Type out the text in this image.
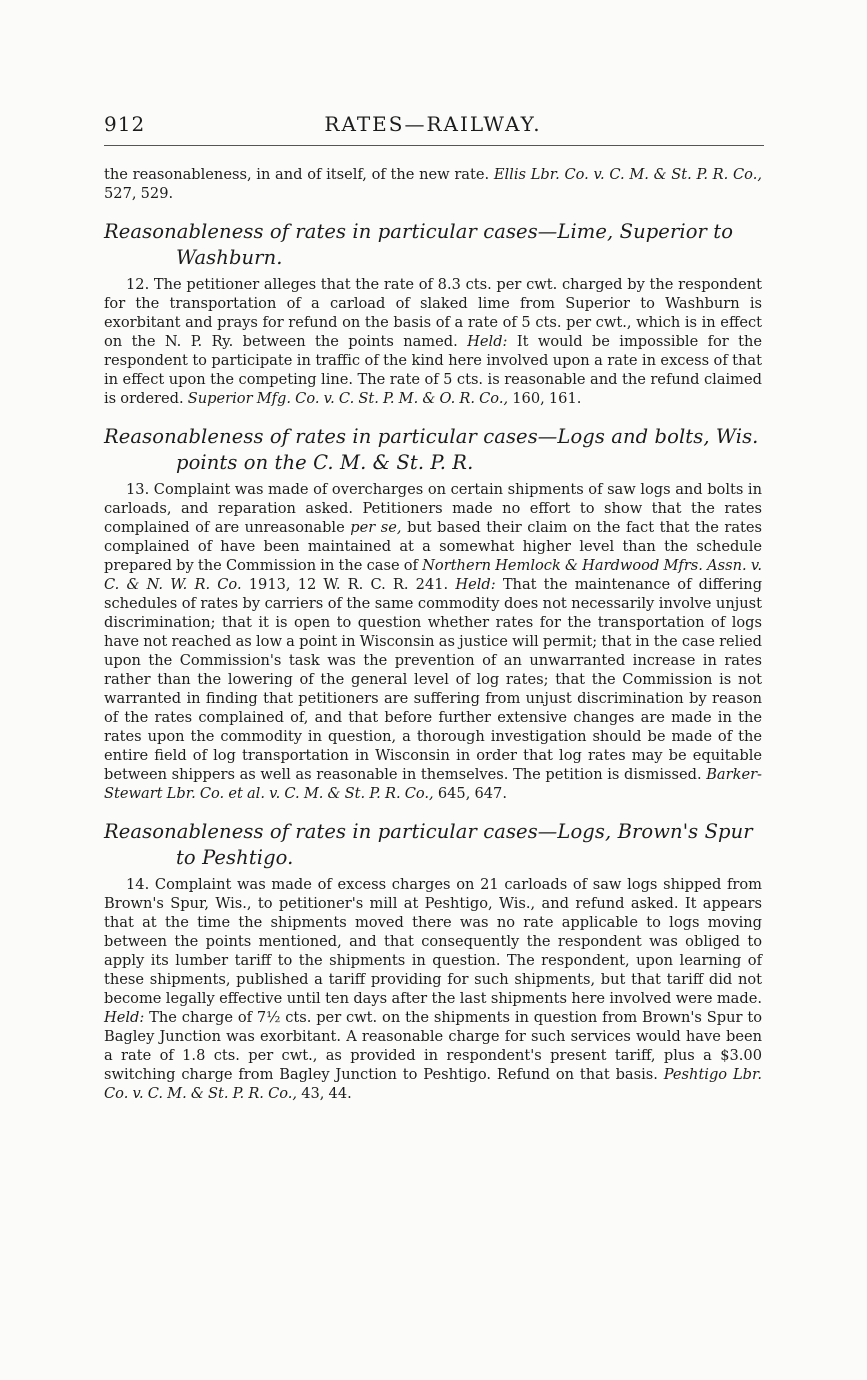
912	RATES—RAILWAY.

the reasonableness, in and of itself, of the new rate. Ellis Lbr. Co. v. C. M. & St. P. R. Co., 527, 529.

Reasonableness of rates in particular cases—Lime, Superior to Washburn.

12. The petitioner alleges that the rate of 8.3 cts. per cwt. charged by the respondent for the transportation of a carload of slaked lime from Superior to Washburn is exorbitant and prays for refund on the basis of a rate of 5 cts. per cwt., which is in effect on the N. P. Ry. between the points named. Held: It would be impossible for the respondent to participate in traffic of the kind here involved upon a rate in excess of that in effect upon the competing line. The rate of 5 cts. is reasonable and the refund claimed is ordered. Superior Mfg. Co. v. C. St. P. M. & O. R. Co., 160, 161.

Reasonableness of rates in particular cases—Logs and bolts, Wis. points on the C. M. & St. P. R.

13. Complaint was made of overcharges on certain shipments of saw logs and bolts in carloads, and reparation asked. Petitioners made no effort to show that the rates complained of are unreasonable per se, but based their claim on the fact that the rates complained of have been maintained at a somewhat higher level than the schedule prepared by the Commission in the case of Northern Hemlock & Hardwood Mfrs. Assn. v. C. & N. W. R. Co. 1913, 12 W. R. C. R. 241. Held: That the maintenance of differing schedules of rates by carriers of the same commodity does not necessarily involve unjust discrimination; that it is open to question whether rates for the transportation of logs have not reached as low a point in Wisconsin as justice will permit; that in the case relied upon the Commission's task was the prevention of an unwarranted increase in rates rather than the lowering of the general level of log rates; that the Commission is not warranted in finding that petitioners are suffering from unjust discrimination by reason of the rates complained of, and that before further extensive changes are made in the rates upon the commodity in question, a thorough investigation should be made of the entire field of log transportation in Wisconsin in order that log rates may be equitable between shippers as well as reasonable in themselves. The petition is dismissed. Barker-Stewart Lbr. Co. et al. v. C. M. & St. P. R. Co., 645, 647.

Reasonableness of rates in particular cases—Logs, Brown's Spur to Peshtigo.

14. Complaint was made of excess charges on 21 carloads of saw logs shipped from Brown's Spur, Wis., to petitioner's mill at Peshtigo, Wis., and refund asked. It appears that at the time the shipments moved there was no rate applicable to logs moving between the points mentioned, and that consequently the respondent was obliged to apply its lumber tariff to the shipments in question. The respondent, upon learning of these shipments, published a tariff providing for such shipments, but that tariff did not become legally effective until ten days after the last shipments here involved were made. Held: The charge of 7½ cts. per cwt. on the shipments in question from Brown's Spur to Bagley Junction was exorbitant. A reasonable charge for such services would have been a rate of 1.8 cts. per cwt., as provided in respondent's present tariff, plus a $3.00 switching charge from Bagley Junction to Peshtigo. Refund on that basis. Peshtigo Lbr. Co. v. C. M. & St. P. R. Co., 43, 44.
